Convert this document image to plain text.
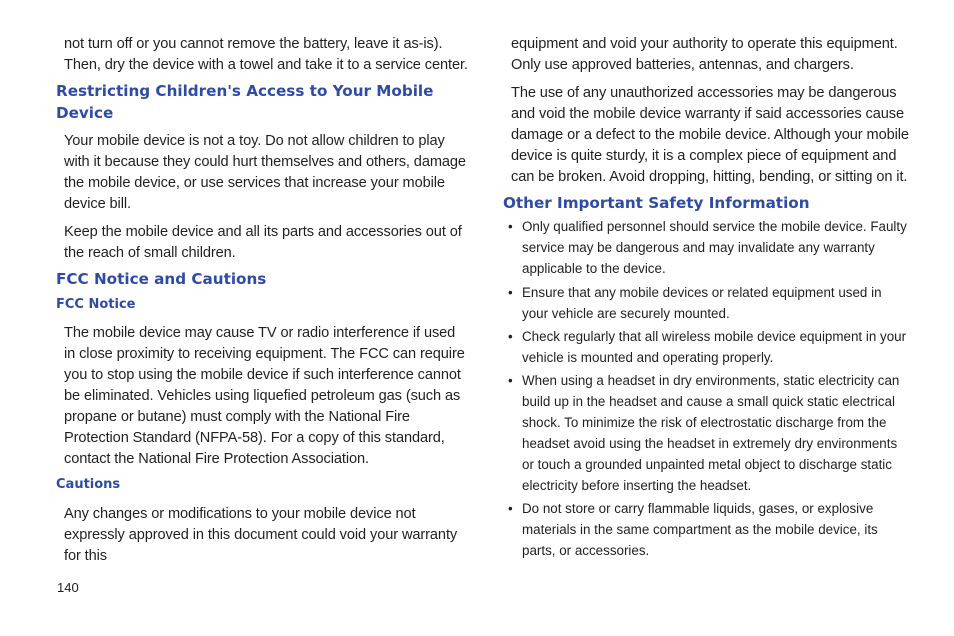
not turn off or you cannot remove the battery, leave it as-is). Then, dry the device with a towel and take it to a service center.

Restricting Children's Access to Your Mobile Device

Your mobile device is not a toy. Do not allow children to play with it because they could hurt themselves and others, damage the mobile device, or use services that increase your mobile device bill.

Keep the mobile device and all its parts and accessories out of the reach of small children.

FCC Notice and Cautions
FCC Notice

The mobile device may cause TV or radio interference if used in close proximity to receiving equipment. The FCC can require you to stop using the mobile device if such interference cannot be eliminated. Vehicles using liquefied petroleum gas (such as propane or butane) must comply with the National Fire Protection Standard (NFPA-58). For a copy of this standard, contact the National Fire Protection Association.

Cautions

Any changes or modifications to your mobile device not expressly approved in this document could void your warranty for this

equipment and void your authority to operate this equipment. Only use approved batteries, antennas, and chargers.

The use of any unauthorized accessories may be dangerous and void the mobile device warranty if said accessories cause damage or a defect to the mobile device. Although your mobile device is quite sturdy, it is a complex piece of equipment and can be broken. Avoid dropping, hitting, bending, or sitting on it.

Other Important Safety Information
• Only qualified personnel should service the mobile device. Faulty service may be dangerous and may invalidate any warranty applicable to the device.
• Ensure that any mobile devices or related equipment used in your vehicle are securely mounted.
• Check regularly that all wireless mobile device equipment in your vehicle is mounted and operating properly.
• When using a headset in dry environments, static electricity can build up in the headset and cause a small quick static electrical shock. To minimize the risk of electrostatic discharge from the headset avoid using the headset in extremely dry environments or touch a grounded unpainted metal object to discharge static electricity before inserting the headset.
• Do not store or carry flammable liquids, gases, or explosive materials in the same compartment as the mobile device, its parts, or accessories.
140
